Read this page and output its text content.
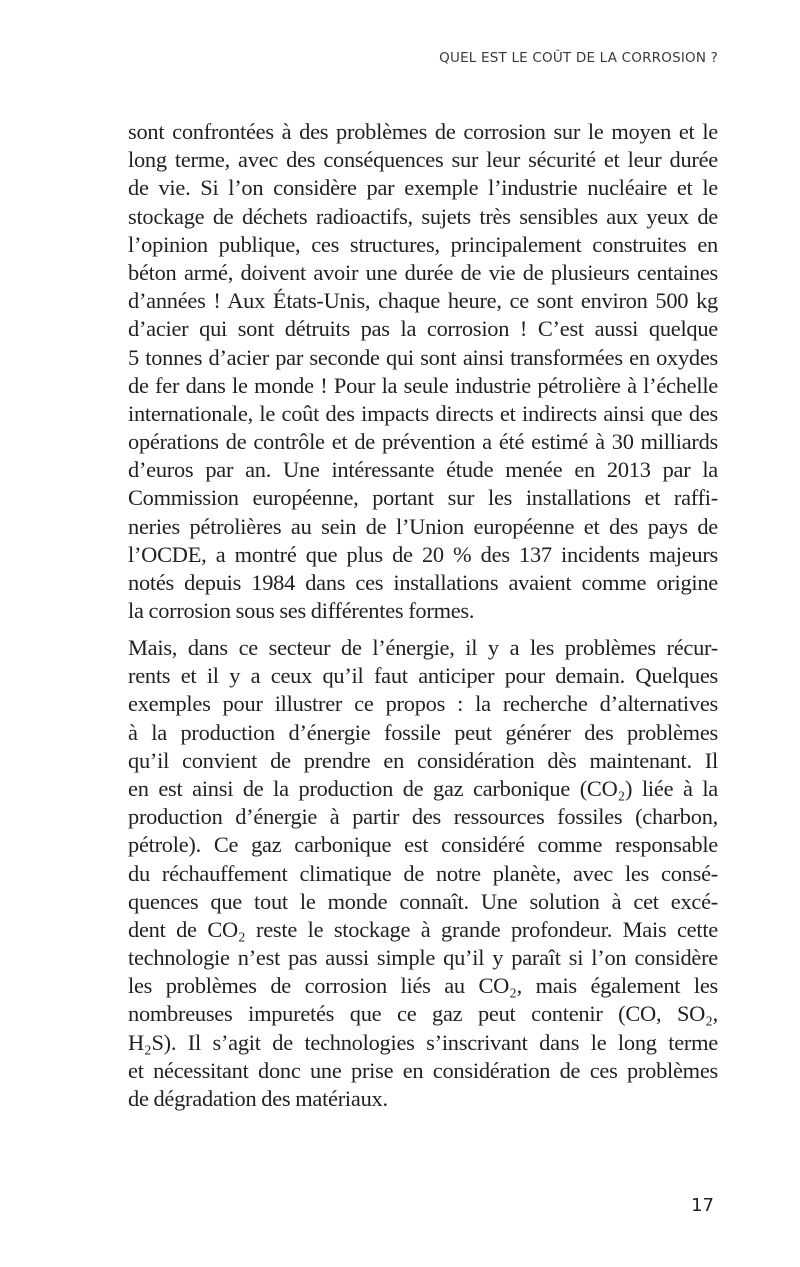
QUEL EST LE COÛT DE LA CORROSION ?
sont confrontées à des problèmes de corrosion sur le moyen et le
long terme, avec des conséquences sur leur sécurité et leur durée
de vie. Si l’on considère par exemple l’industrie nucléaire et le
stockage de déchets radioactifs, sujets très sensibles aux yeux de
l’opinion publique, ces structures, principalement construites en
béton armé, doivent avoir une durée de vie de plusieurs centaines
d’années ! Aux États-Unis, chaque heure, ce sont environ 500 kg
d’acier qui sont détruits pas la corrosion ! C’est aussi quelque
5 tonnes d’acier par seconde qui sont ainsi transformées en oxydes
de fer dans le monde ! Pour la seule industrie pétrolière à l’échelle
internationale, le coût des impacts directs et indirects ainsi que des
opérations de contrôle et de prévention a été estimé à 30 milliards
d’euros par an. Une intéressante étude menée en 2013 par la
Commission européenne, portant sur les installations et raffi-
neries pétrolières au sein de l’Union européenne et des pays de
l’OCDE, a montré que plus de 20 % des 137 incidents majeurs
notés depuis 1984 dans ces installations avaient comme origine
la corrosion sous ses différentes formes.
Mais, dans ce secteur de l’énergie, il y a les problèmes récur-
rents et il y a ceux qu’il faut anticiper pour demain. Quelques
exemples pour illustrer ce propos : la recherche d’alternatives
à la production d’énergie fossile peut générer des problèmes
qu’il convient de prendre en considération dès maintenant. Il
en est ainsi de la production de gaz carbonique (CO₂) liée à la
production d’énergie à partir des ressources fossiles (charbon,
pétrole). Ce gaz carbonique est considéré comme responsable
du réchauffement climatique de notre planète, avec les consé-
quences que tout le monde connaît. Une solution à cet excé-
dent de CO₂ reste le stockage à grande profondeur. Mais cette
technologie n’est pas aussi simple qu’il y paraît si l’on considère
les problèmes de corrosion liés au CO₂, mais également les
nombreuses impuretés que ce gaz peut contenir (CO, SO₂,
H₂S). Il s’agit de technologies s’inscrivant dans le long terme
et nécessitant donc une prise en considération de ces problèmes
de dégradation des matériaux.
17
